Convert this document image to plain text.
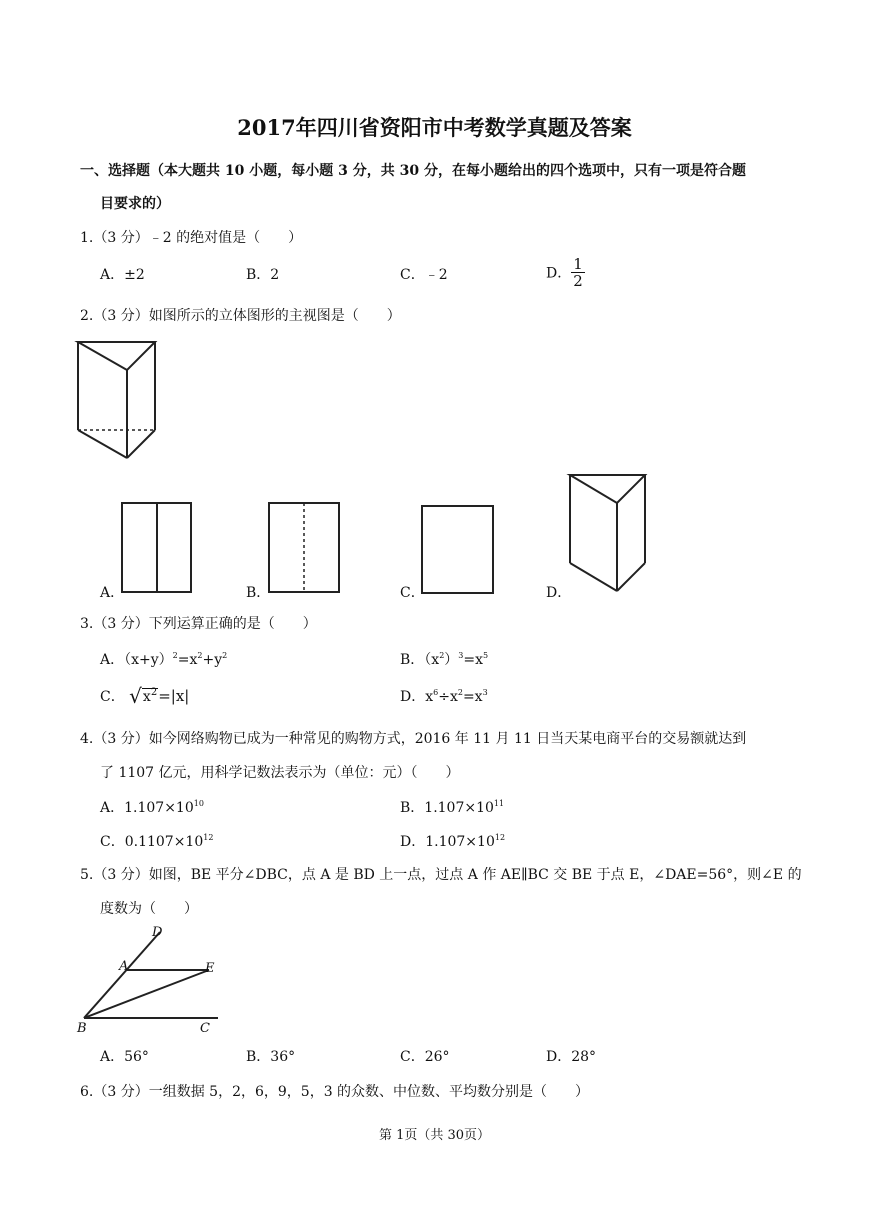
2017年四川省资阳市中考数学真题及答案
一、选择题（本大题共 10 小题，每小题 3 分，共 30 分，在每小题给出的四个选项中，只有一项是符合题
目要求的）
1.（3 分）﹣2 的绝对值是（　　）
A．±2	B．2	C．﹣2	D． $\frac{1}{2}$
2.（3 分）如图所示的立体图形的主视图是（　　）
A．	B．	C．	D．
3.（3 分）下列运算正确的是（　　）
A．$(x+y)^2=x^2+y^2$	B．$(x^2)^3=x^5$
C． $√x^2=|x|$	D．$x^6\div x^2=x^3$
4.（3 分）如今网络购物已成为一种常见的购物方式，2016 年 11 月 11 日当天某电商平台的交易额就达到
了 1107 亿元，用科学记数法表示为（单位：元）（　　）
A．$1.107\times 10^{10}$	B．$1.107\times 10^{11}$
C．$0.1107\times 10^{12}$	D．$1.107\times 10^{12}$
5.（3 分）如图，BE 平分∠DBC，点 A 是 BD 上一点，过点 A 作 AE∥BC 交 BE 于点 E，∠DAE=56°，则∠E 的
度数为（　　）
D
A	E
B	C
A．56°	B．36°	C．26°	D．28°
6.（3 分）一组数据 5，2，6，9，5，3 的众数、中位数、平均数分别是（　　）
第 1页（共 30页）
